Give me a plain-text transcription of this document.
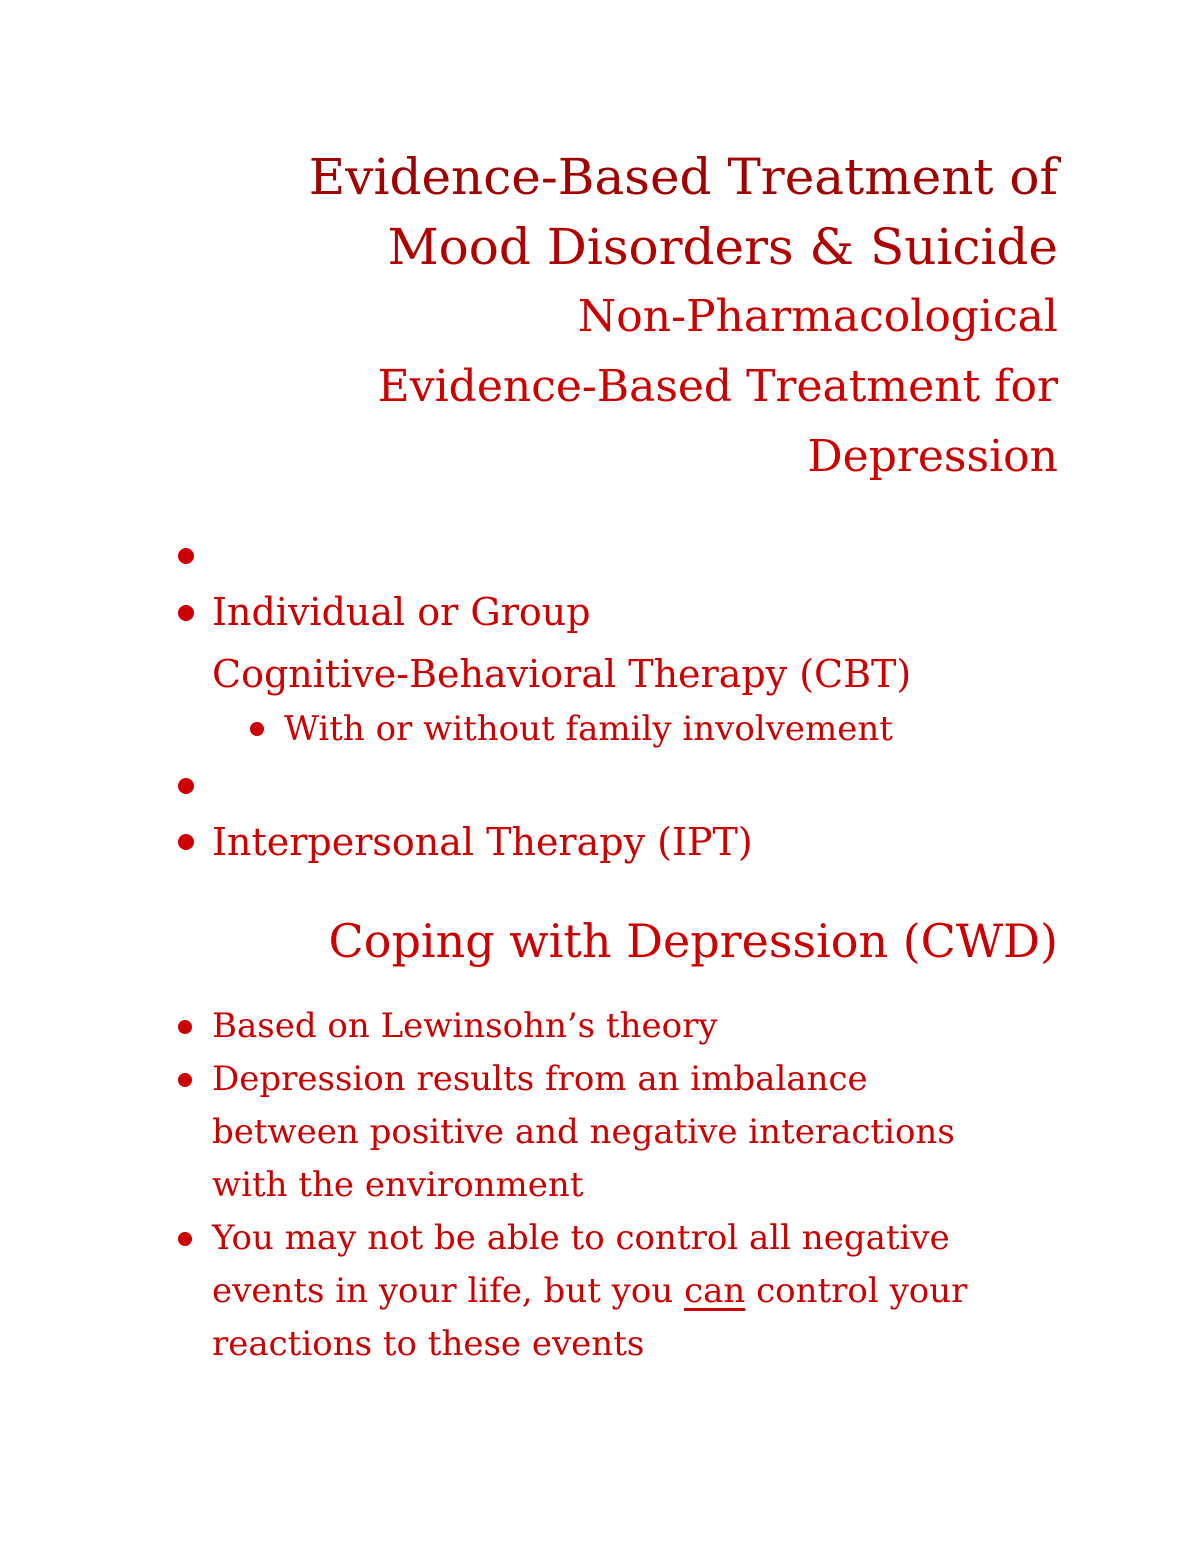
Evidence-Based Treatment of
Mood Disorders & Suicide
Non-Pharmacological
Evidence-Based Treatment for
Depression
Individual or Group
Cognitive-Behavioral Therapy (CBT)
With or without family involvement
Interpersonal Therapy (IPT)
Coping with Depression (CWD)
Based on Lewinsohn’s theory
Depression results from an imbalance
between positive and negative interactions
with the environment
You may not be able to control all negative
events in your life, but you can control your
reactions to these events
